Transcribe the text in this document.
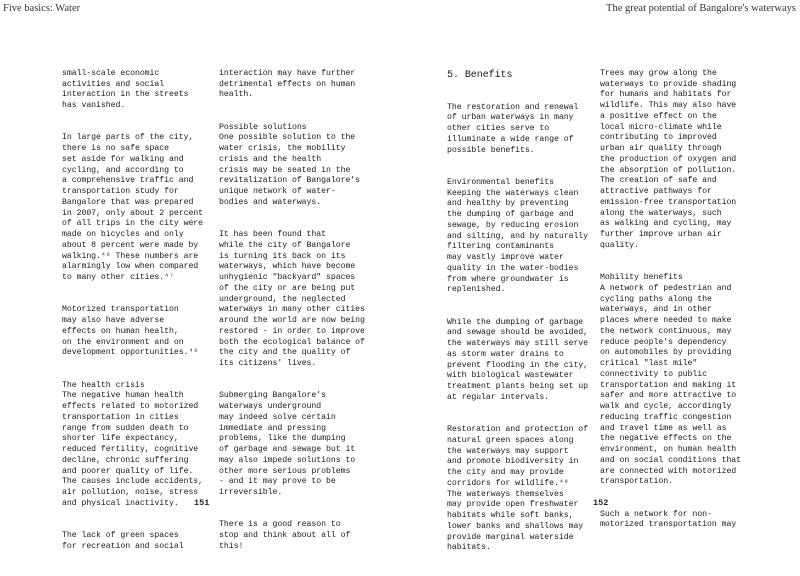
Five basics: Water	The great potential of Bangalore's waterways

small-scale economic
activities and social
interaction in the streets
has vanished.

In large parts of the city,
there is no safe space
set aside for walking and
cycling, and according to
a comprehensive traffic and
transportation study for
Bangalore that was prepared
in 2007, only about 2 percent
of all trips in the city were
made on bicycles and only
about 8 percent were made by
walking.⁴⁶ These numbers are
alarmingly low when compared
to many other cities.⁴⁷

Motorized transportation
may also have adverse
effects on human health,
on the environment and on
development opportunities.⁴⁸

The health crisis
The negative human health
effects related to motorized
transportation in cities
range from sudden death to
shorter life expectancy,
reduced fertility, cognitive
decline, chronic suffering
and poorer quality of life.
The causes include accidents,
air pollution, noise, stress
and physical inactivity.

The lack of green spaces
for recreation and social

interaction may have further
detrimental effects on human
health.

Possible solutions
One possible solution to the
water crisis, the mobility
crisis and the health
crisis may be seated in the
revitalization of Bangalore's
unique network of water-
bodies and waterways.

It has been found that
while the city of Bangalore
is turning its back on its
waterways, which have become
unhygienic "backyard" spaces
of the city or are being put
underground, the neglected
waterways in many other cities
around the world are now being
restored - in order to improve
both the ecological balance of
the city and the quality of
its citizens' lives.

Submerging Bangalore's
waterways underground
may indeed solve certain
immediate and pressing
problems, like the dumping
of garbage and sewage but it
may also impede solutions to
other more serious problems
- and it may prove to be
irreversible.

There is a good reason to
stop and think about all of
this!

5. Benefits

The restoration and renewal
of urban waterways in many
other cities serve to
illuminate a wide range of
possible benefits.

Environmental benefits
Keeping the waterways clean
and healthy by preventing
the dumping of garbage and
sewage, by reducing erosion
and silting, and by naturally
filtering contaminants
may vastly improve water
quality in the water-bodies
from where groundwater is
replenished.

While the dumping of garbage
and sewage should be avoided,
the waterways may still serve
as storm water drains to
prevent flooding in the city,
with biological wastewater
treatment plants being set up
at regular intervals.

Restoration and protection of
natural green spaces along
the waterways may support
and promote biodiversity in
the city and may provide
corridors for wildlife.⁴⁹
The waterways themselves
may provide open freshwater
habitats while soft banks,
lower banks and shallows may
provide marginal waterside
habitats.

Trees may grow along the
waterways to provide shading
for humans and habitats for
wildlife. This may also have
a positive effect on the
local micro-climate while
contributing to improved
urban air quality through
the production of oxygen and
the absorption of pollution.
The creation of safe and
attractive pathways for
emission-free transportation
along the waterways, such
as walking and cycling, may
further improve urban air
quality.

Mobility benefits
A network of pedestrian and
cycling paths along the
waterways, and in other
places where needed to make
the network continuous, may
reduce people's dependency
on automobiles by providing
critical "last mile"
connectivity to public
transportation and making it
safer and more attractive to
walk and cycle, accordingly
reducing traffic congestion
and travel time as well as
the negative effects on the
environment, on human health
and on social conditions that
are connected with motorized
transportation.

Such a network for non-
motorized transportation may

151	152
